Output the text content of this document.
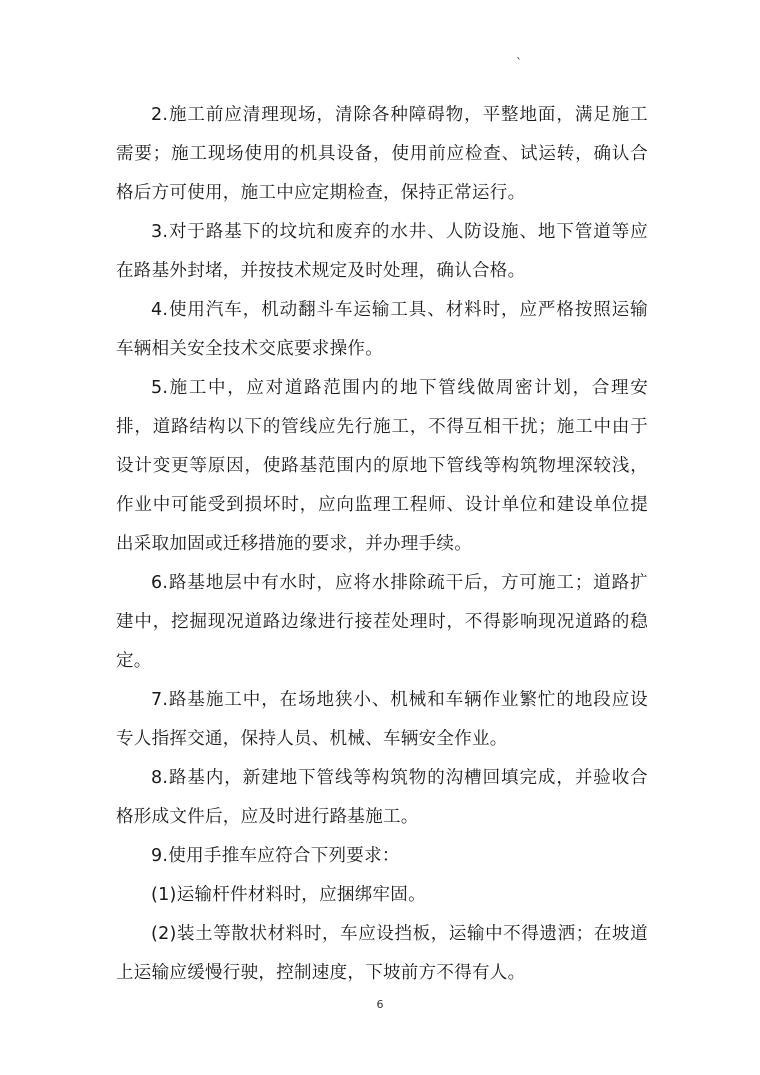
`

2.施工前应清理现场，清除各种障碍物，平整地面，满足施工需要；施工现场使用的机具设备，使用前应检查、试运转，确认合格后方可使用，施工中应定期检查，保持正常运行。

3.对于路基下的坟坑和废弃的水井、人防设施、地下管道等应在路基外封堵，并按技术规定及时处理，确认合格。

4.使用汽车，机动翻斗车运输工具、材料时，应严格按照运输车辆相关安全技术交底要求操作。

5.施工中，应对道路范围内的地下管线做周密计划，合理安排，道路结构以下的管线应先行施工，不得互相干扰；施工中由于设计变更等原因，使路基范围内的原地下管线等构筑物埋深较浅，作业中可能受到损坏时，应向监理工程师、设计单位和建设单位提出采取加固或迁移措施的要求，并办理手续。

6.路基地层中有水时，应将水排除疏干后，方可施工；道路扩建中，挖掘现况道路边缘进行接茬处理时，不得影响现况道路的稳定。

7.路基施工中，在场地狭小、机械和车辆作业繁忙的地段应设专人指挥交通，保持人员、机械、车辆安全作业。

8.路基内，新建地下管线等构筑物的沟槽回填完成，并验收合格形成文件后，应及时进行路基施工。

9.使用手推车应符合下列要求：

(1)运输杆件材料时，应捆绑牢固。

(2)装土等散状材料时，车应设挡板，运输中不得遗洒；在坡道上运输应缓慢行驶，控制速度，下坡前方不得有人。

6
